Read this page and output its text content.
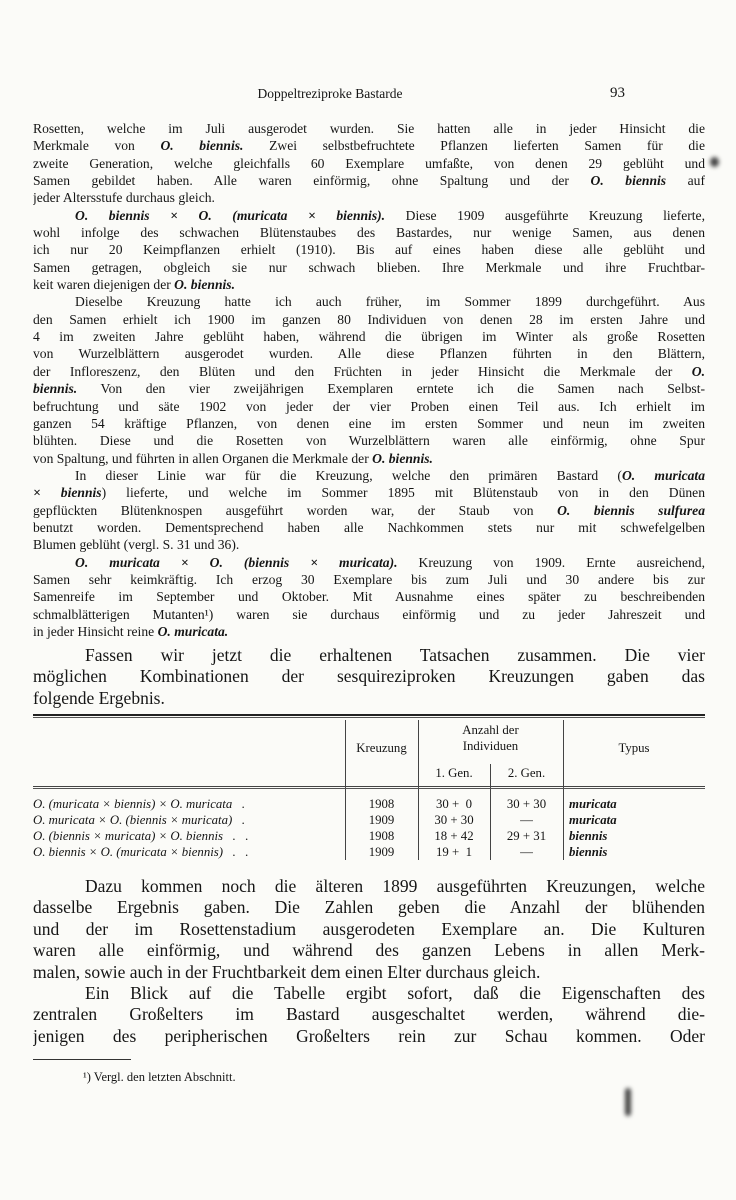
Doppeltreziproke Bastarde	93
Rosetten, welche im Juli ausgerodet wurden. Sie hatten alle in jeder Hinsicht die
Merkmale von O. biennis. Zwei selbstbefruchtete Pflanzen lieferten Samen für die
zweite Generation, welche gleichfalls 60 Exemplare umfaßte, von denen 29 geblüht und
Samen gebildet haben. Alle waren einförmig, ohne Spaltung und der O. biennis auf
jeder Altersstufe durchaus gleich.
O. biennis × O. (muricata × biennis). Diese 1909 ausgeführte Kreuzung lieferte,
wohl infolge des schwachen Blütenstaubes des Bastardes, nur wenige Samen, aus denen
ich nur 20 Keimpflanzen erhielt (1910). Bis auf eines haben diese alle geblüht und
Samen getragen, obgleich sie nur schwach blieben. Ihre Merkmale und ihre Fruchtbar-
keit waren diejenigen der O. biennis.
Dieselbe Kreuzung hatte ich auch früher, im Sommer 1899 durchgeführt. Aus
den Samen erhielt ich 1900 im ganzen 80 Individuen von denen 28 im ersten Jahre und
4 im zweiten Jahre geblüht haben, während die übrigen im Winter als große Rosetten
von Wurzelblättern ausgerodet wurden. Alle diese Pflanzen führten in den Blättern,
der Infloreszenz, den Blüten und den Früchten in jeder Hinsicht die Merkmale der O.
biennis. Von den vier zweijährigen Exemplaren erntete ich die Samen nach Selbst-
befruchtung und säte 1902 von jeder der vier Proben einen Teil aus. Ich erhielt im
ganzen 54 kräftige Pflanzen, von denen eine im ersten Sommer und neun im zweiten
blühten. Diese und die Rosetten von Wurzelblättern waren alle einförmig, ohne Spur
von Spaltung, und führten in allen Organen die Merkmale der O. biennis.
In dieser Linie war für die Kreuzung, welche den primären Bastard (O. muricata
× biennis) lieferte, und welche im Sommer 1895 mit Blütenstaub von in den Dünen
gepflückten Blütenknospen ausgeführt worden war, der Staub von O. biennis sulfurea
benutzt worden. Dementsprechend haben alle Nachkommen stets nur mit schwefelgelben
Blumen geblüht (vergl. S. 31 und 36).
O. muricata × O. (biennis × muricata). Kreuzung von 1909. Ernte ausreichend,
Samen sehr keimkräftig. Ich erzog 30 Exemplare bis zum Juli und 30 andere bis zur
Samenreife im September und Oktober. Mit Ausnahme eines später zu beschreibenden
schmalblätterigen Mutanten¹) waren sie durchaus einförmig und zu jeder Jahreszeit und
in jeder Hinsicht reine O. muricata.
Fassen wir jetzt die erhaltenen Tatsachen zusammen. Die vier
möglichen Kombinationen der sesquireziproken Kreuzungen gaben das
folgende Ergebnis.
Kreuzung
Anzahl der
Individuen
1. Gen.	2. Gen.
Typus
O. (muricata × biennis) × O. muricata   .	1908	30 +  0	30 + 30	muricata
O. muricata × O. (biennis × muricata)   .	1909	30 + 30	—	muricata
O. (biennis × muricata) × O. biennis   .   .	1908	18 + 42	29 + 31	biennis
O. biennis × O. (muricata × biennis)   .   .	1909	19 +  1	—	biennis
Dazu kommen noch die älteren 1899 ausgeführten Kreuzungen, welche
dasselbe Ergebnis gaben. Die Zahlen geben die Anzahl der blühenden
und der im Rosettenstadium ausgerodeten Exemplare an. Die Kulturen
waren alle einförmig, und während des ganzen Lebens in allen Merk-
malen, sowie auch in der Fruchtbarkeit dem einen Elter durchaus gleich.
Ein Blick auf die Tabelle ergibt sofort, daß die Eigenschaften des
zentralen Großelters im Bastard ausgeschaltet werden, während die-
jenigen des peripherischen Großelters rein zur Schau kommen. Oder
¹) Vergl. den letzten Abschnitt.
